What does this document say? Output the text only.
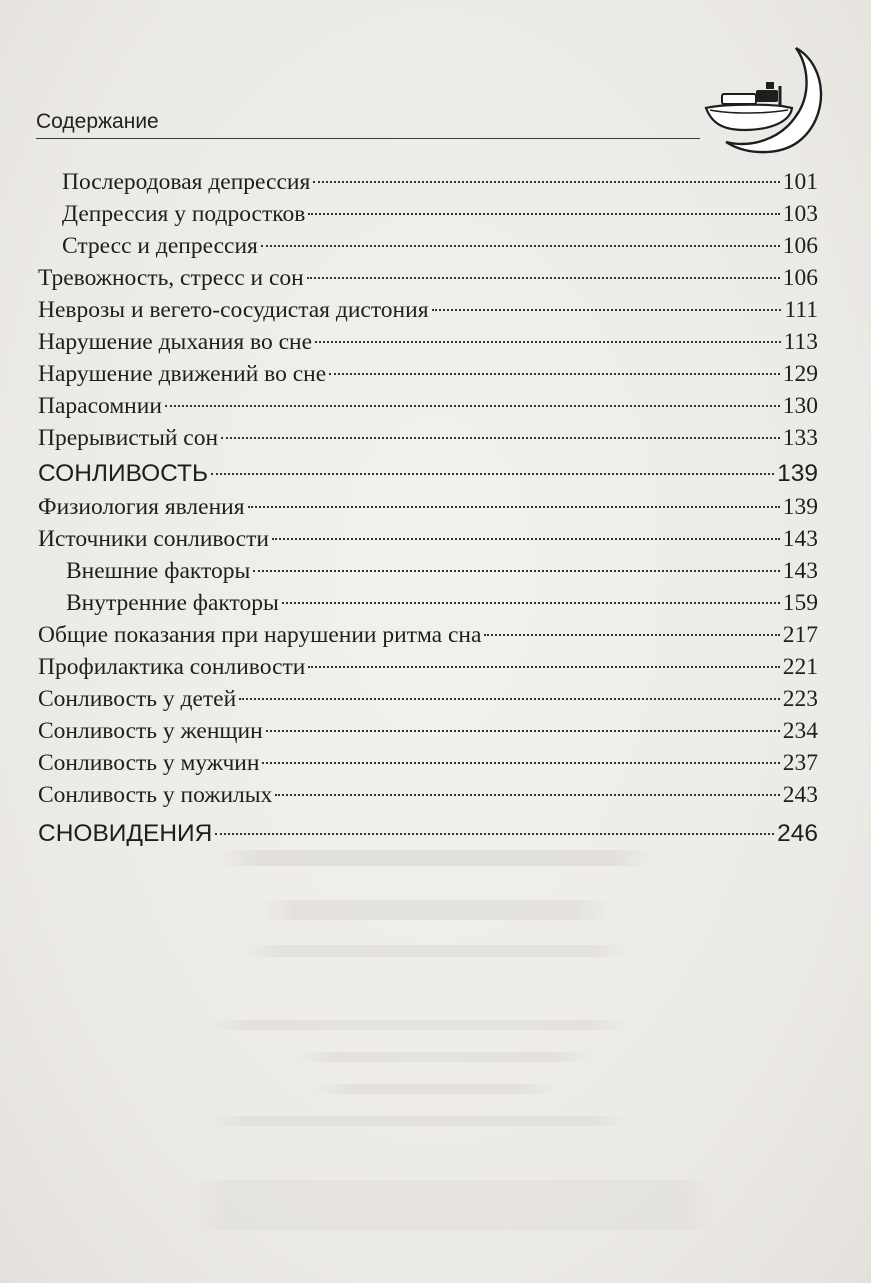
Содержание
Послеродовая депрессия	101
Депрессия у подростков	103
Стресс и депрессия	106
Тревожность, стресс и сон	106
Неврозы и вегето-сосудистая дистония	111
Нарушение дыхания во сне	113
Нарушение движений во сне	129
Парасомнии	130
Прерывистый сон	133
СОНЛИВОСТЬ	139
Физиология явления	139
Источники сонливости	143
Внешние факторы	143
Внутренние факторы	159
Общие показания при нарушении ритма сна	217
Профилактика сонливости	221
Сонливость у детей	223
Сонливость у женщин	234
Сонливость у мужчин	237
Сонливость у пожилых	243
СНОВИДЕНИЯ	246
